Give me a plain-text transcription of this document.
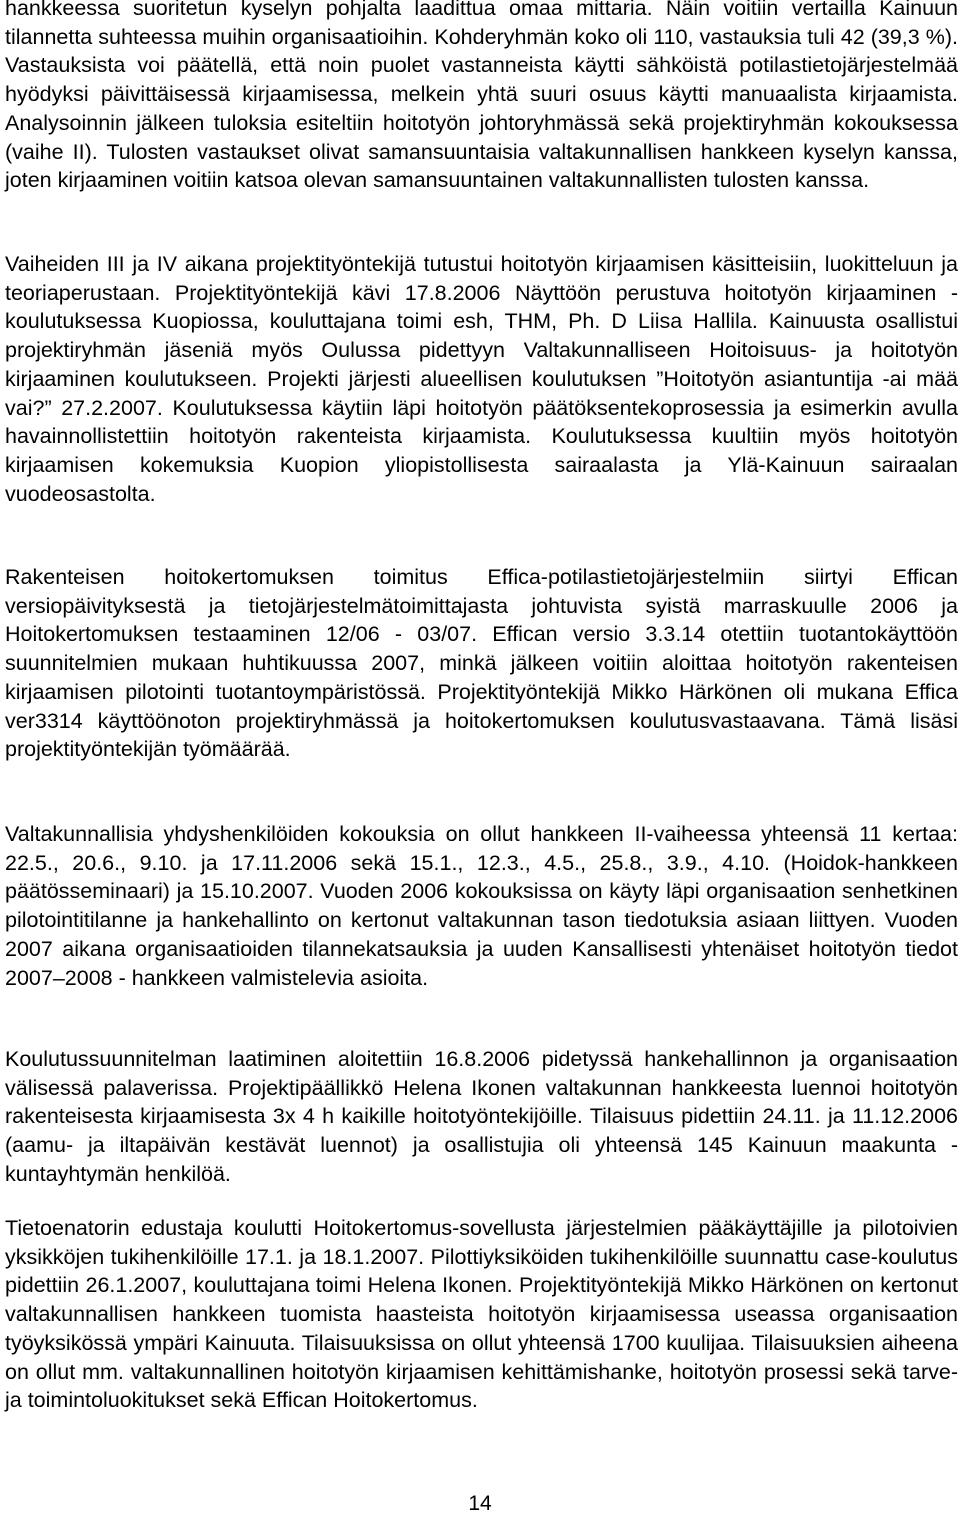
hankkeessa suoritetun kyselyn pohjalta laadittua omaa mittaria. Näin voitiin vertailla Kainuun tilannetta suhteessa muihin organisaatioihin. Kohderyhmän koko oli 110, vastauksia tuli 42 (39,3 %). Vastauksista voi päätellä, että noin puolet vastanneista käytti sähköistä potilastietojärjestelmää hyödyksi päivittäisessä kirjaamisessa, melkein yhtä suuri osuus käytti manuaalista kirjaamista. Analysoinnin jälkeen tuloksia esiteltiin hoitotyön johtoryhmässä sekä projektiryhmän kokouksessa (vaihe II). Tulosten vastaukset olivat samansuuntaisia valtakunnallisen hankkeen kyselyn kanssa, joten kirjaaminen voitiin katsoa olevan samansuuntainen valtakunnallisten tulosten kanssa.

Vaiheiden III ja IV aikana projektityöntekijä tutustui hoitotyön kirjaamisen käsitteisiin, luokitteluun ja teoriaperustaan. Projektityöntekijä kävi 17.8.2006 Näyttöön perustuva hoitotyön kirjaaminen -koulutuksessa Kuopiossa, kouluttajana toimi esh, THM, Ph. D Liisa Hallila. Kainuusta osallistui projektiryhmän jäseniä myös Oulussa pidettyyn Valtakunnalliseen Hoitoisuus- ja hoitotyön kirjaaminen koulutukseen. Projekti järjesti alueellisen koulutuksen ”Hoitotyön asiantuntija -ai mää vai?” 27.2.2007. Koulutuksessa käytiin läpi hoitotyön päätöksentekoprosessia ja esimerkin avulla havainnollistettiin hoitotyön rakenteista kirjaamista. Koulutuksessa kuultiin myös hoitotyön kirjaamisen kokemuksia Kuopion yliopistollisesta sairaalasta ja Ylä-Kainuun sairaalan vuodeosastolta.

Rakenteisen hoitokertomuksen toimitus Effica-potilastietojärjestelmiin siirtyi Effican versiopäivityksestä ja tietojärjestelmätoimittajasta johtuvista syistä marraskuulle 2006 ja Hoitokertomuksen testaaminen 12/06 - 03/07. Effican versio 3.3.14 otettiin tuotantokäyttöön suunnitelmien mukaan huhtikuussa 2007, minkä jälkeen voitiin aloittaa hoitotyön rakenteisen kirjaamisen pilotointi tuotantoympäristössä. Projektityöntekijä Mikko Härkönen oli mukana Effica ver3314 käyttöönoton projektiryhmässä ja hoitokertomuksen koulutusvastaavana. Tämä lisäsi projektityöntekijän työmäärää.

Valtakunnallisia yhdyshenkilöiden kokouksia on ollut hankkeen II-vaiheessa yhteensä 11 kertaa: 22.5., 20.6., 9.10. ja 17.11.2006 sekä 15.1., 12.3., 4.5., 25.8., 3.9., 4.10. (Hoidok-hankkeen päätösseminaari) ja 15.10.2007. Vuoden 2006 kokouksissa on käyty läpi organisaation senhetkinen pilotointitilanne ja hankehallinto on kertonut valtakunnan tason tiedotuksia asiaan liittyen. Vuoden 2007 aikana organisaatioiden tilannekatsauksia ja uuden Kansallisesti yhtenäiset hoitotyön tiedot 2007–2008 - hankkeen valmistelevia asioita.

Koulutussuunnitelman laatiminen aloitettiin 16.8.2006 pidetyssä hankehallinnon ja organisaation välisessä palaverissa. Projektipäällikkö Helena Ikonen valtakunnan hankkeesta luennoi hoitotyön rakenteisesta kirjaamisesta 3x 4 h kaikille hoitotyöntekijöille. Tilaisuus pidettiin 24.11. ja 11.12.2006 (aamu- ja iltapäivän kestävät luennot) ja osallistujia oli yhteensä 145 Kainuun maakunta -kuntayhtymän henkilöä.

Tietoenatorin edustaja koulutti Hoitokertomus-sovellusta järjestelmien pääkäyttäjille ja pilotoivien yksikköjen tukihenkilöille 17.1. ja 18.1.2007. Pilottiyksiköiden tukihenkilöille suunnattu case-koulutus pidettiin 26.1.2007, kouluttajana toimi Helena Ikonen. Projektityöntekijä Mikko Härkönen on kertonut valtakunnallisen hankkeen tuomista haasteista hoitotyön kirjaamisessa useassa organisaation työyksikössä ympäri Kainuuta. Tilaisuuksissa on ollut yhteensä 1700 kuulijaa. Tilaisuuksien aiheena on ollut mm. valtakunnallinen hoitotyön kirjaamisen kehittämishanke, hoitotyön prosessi sekä tarve- ja toimintoluokitukset sekä Effican Hoitokertomus.

14
